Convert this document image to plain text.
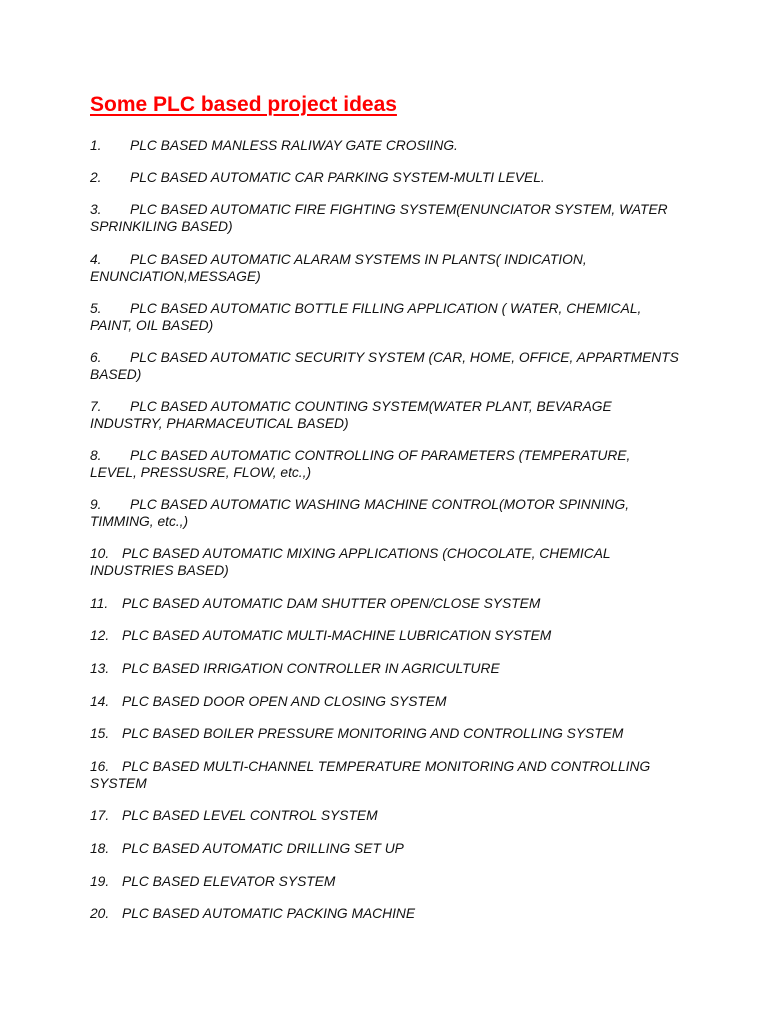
Some PLC based project ideas
1. PLC BASED MANLESS RALIWAY GATE CROSIING.
2. PLC BASED AUTOMATIC CAR PARKING SYSTEM-MULTI LEVEL.
3. PLC BASED AUTOMATIC FIRE FIGHTING SYSTEM(ENUNCIATOR SYSTEM, WATER SPRINKILING BASED)
4. PLC BASED AUTOMATIC ALARAM SYSTEMS IN PLANTS( INDICATION, ENUNCIATION,MESSAGE)
5. PLC BASED AUTOMATIC BOTTLE FILLING APPLICATION ( WATER, CHEMICAL, PAINT, OIL BASED)
6. PLC BASED AUTOMATIC SECURITY SYSTEM (CAR, HOME, OFFICE, APPARTMENTS BASED)
7. PLC BASED AUTOMATIC COUNTING SYSTEM(WATER PLANT, BEVARAGE INDUSTRY, PHARMACEUTICAL BASED)
8. PLC BASED AUTOMATIC CONTROLLING OF PARAMETERS (TEMPERATURE, LEVEL, PRESSUSRE, FLOW, etc.,)
9. PLC BASED AUTOMATIC WASHING MACHINE CONTROL(MOTOR SPINNING, TIMMING, etc.,)
10. PLC BASED AUTOMATIC MIXING APPLICATIONS (CHOCOLATE, CHEMICAL INDUSTRIES BASED)
11. PLC BASED AUTOMATIC DAM SHUTTER OPEN/CLOSE SYSTEM
12. PLC BASED AUTOMATIC MULTI-MACHINE LUBRICATION SYSTEM
13. PLC BASED IRRIGATION CONTROLLER IN AGRICULTURE
14. PLC BASED DOOR OPEN AND CLOSING SYSTEM
15. PLC BASED BOILER PRESSURE MONITORING AND CONTROLLING SYSTEM
16. PLC BASED MULTI-CHANNEL TEMPERATURE MONITORING AND CONTROLLING SYSTEM
17. PLC BASED LEVEL CONTROL SYSTEM
18. PLC BASED AUTOMATIC DRILLING SET UP
19. PLC BASED ELEVATOR SYSTEM
20. PLC BASED AUTOMATIC PACKING MACHINE
